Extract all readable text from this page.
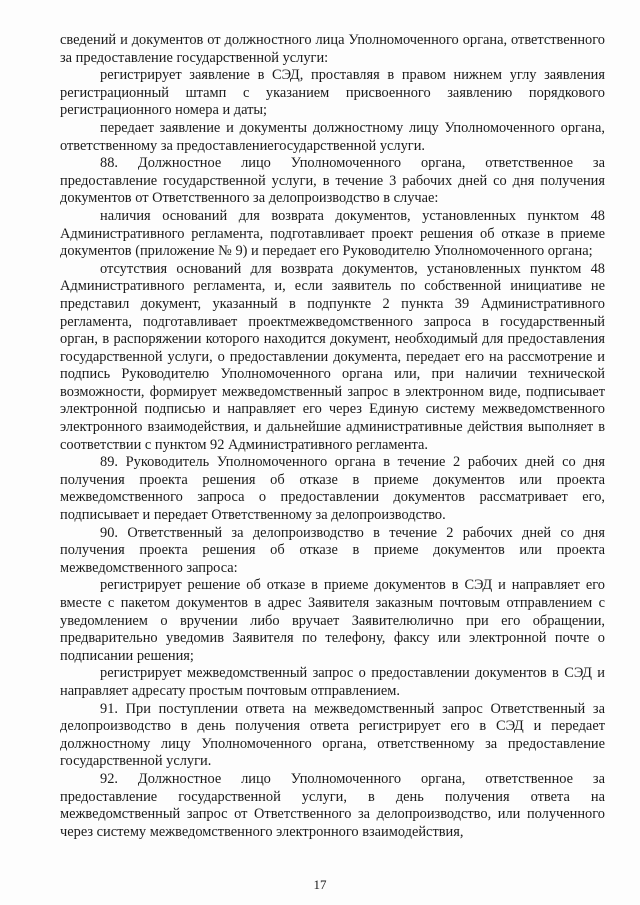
сведений и документов от должностного лица Уполномоченного органа, ответственного за предоставление государственной услуги:

регистрирует заявление в СЭД, проставляя в правом нижнем углу заявления регистрационный штамп с указанием присвоенного заявлению порядкового регистрационного номера и даты;

передает заявление и документы должностному лицу Уполномоченного органа, ответственному за предоставлениегосударственной услуги.

88. Должностное лицо Уполномоченного органа, ответственное за предоставление государственной услуги, в течение 3 рабочих дней со дня получения документов от Ответственного за делопроизводство в случае:

наличия оснований для возврата документов, установленных пунктом 48 Административного регламента, подготавливает проект решения об отказе в приеме документов (приложение № 9) и передает его Руководителю Уполномоченного органа;

отсутствия оснований для возврата документов, установленных пунктом 48 Административного регламента, и, если заявитель по собственной инициативе не представил документ, указанный в подпункте 2 пункта 39 Административного регламента, подготавливает проектмежведомственного запроса в государственный орган, в распоряжении которого находится документ, необходимый для предоставления государственной услуги, о предоставлении документа, передает его на рассмотрение и подпись Руководителю Уполномоченного органа или, при наличии технической возможности, формирует межведомственный запрос в электронном виде, подписывает электронной подписью и направляет его через Единую систему межведомственного электронного взаимодействия, и дальнейшие административные действия выполняет в соответствии с пунктом 92 Административного регламента.

89. Руководитель Уполномоченного органа в течение 2 рабочих дней со дня получения проекта решения об отказе в приеме документов или проекта межведомственного запроса о предоставлении документов рассматривает его, подписывает и передает Ответственному за делопроизводство.

90. Ответственный за делопроизводство в течение 2 рабочих дней со дня получения проекта решения об отказе в приеме документов или проекта межведомственного запроса:

регистрирует решение об отказе в приеме документов в СЭД и направляет его вместе с пакетом документов в адрес Заявителя заказным почтовым отправлением с уведомлением о вручении либо вручает Заявителюлично при его обращении, предварительно уведомив Заявителя по телефону, факсу или электронной почте о подписании решения;

регистрирует межведомственный запрос о предоставлении документов в СЭД и направляет адресату простым почтовым отправлением.

91. При поступлении ответа на межведомственный запрос Ответственный за делопроизводство в день получения ответа регистрирует его в СЭД и передает должностному лицу Уполномоченного органа, ответственному за предоставление государственной услуги.

92. Должностное лицо Уполномоченного органа, ответственное за предоставление государственной услуги, в день получения ответа на межведомственный запрос от Ответственного за делопроизводство, или полученного через систему межведомственного электронного взаимодействия,

17
